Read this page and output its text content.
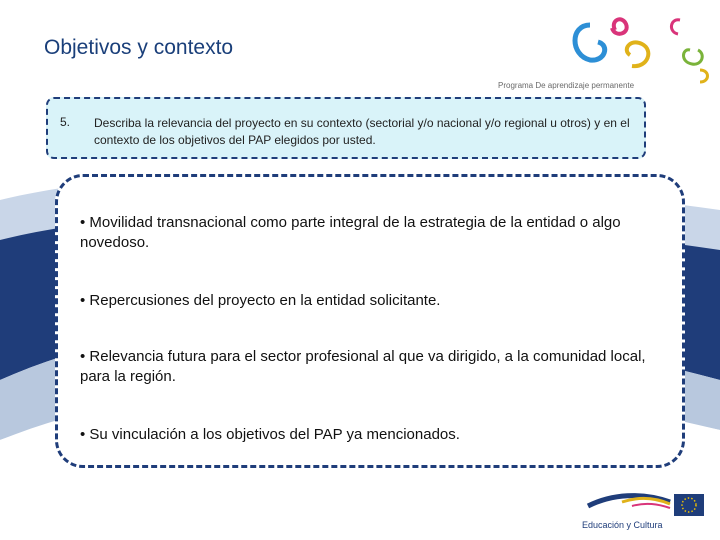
Objetivos y contexto
Programa De aprendizaje permanente
5. Describa la relevancia del proyecto en su contexto (sectorial y/o nacional y/o regional u otros) y en el contexto de los objetivos del PAP elegidos por usted.
• Movilidad transnacional como parte integral de la estrategia de la entidad o algo novedoso.
• Repercusiones del proyecto en la entidad solicitante.
• Relevancia futura para el sector profesional al que va dirigido, a la comunidad local, para la región.
• Su vinculación a los objetivos del PAP ya mencionados.
Educación y Cultura
